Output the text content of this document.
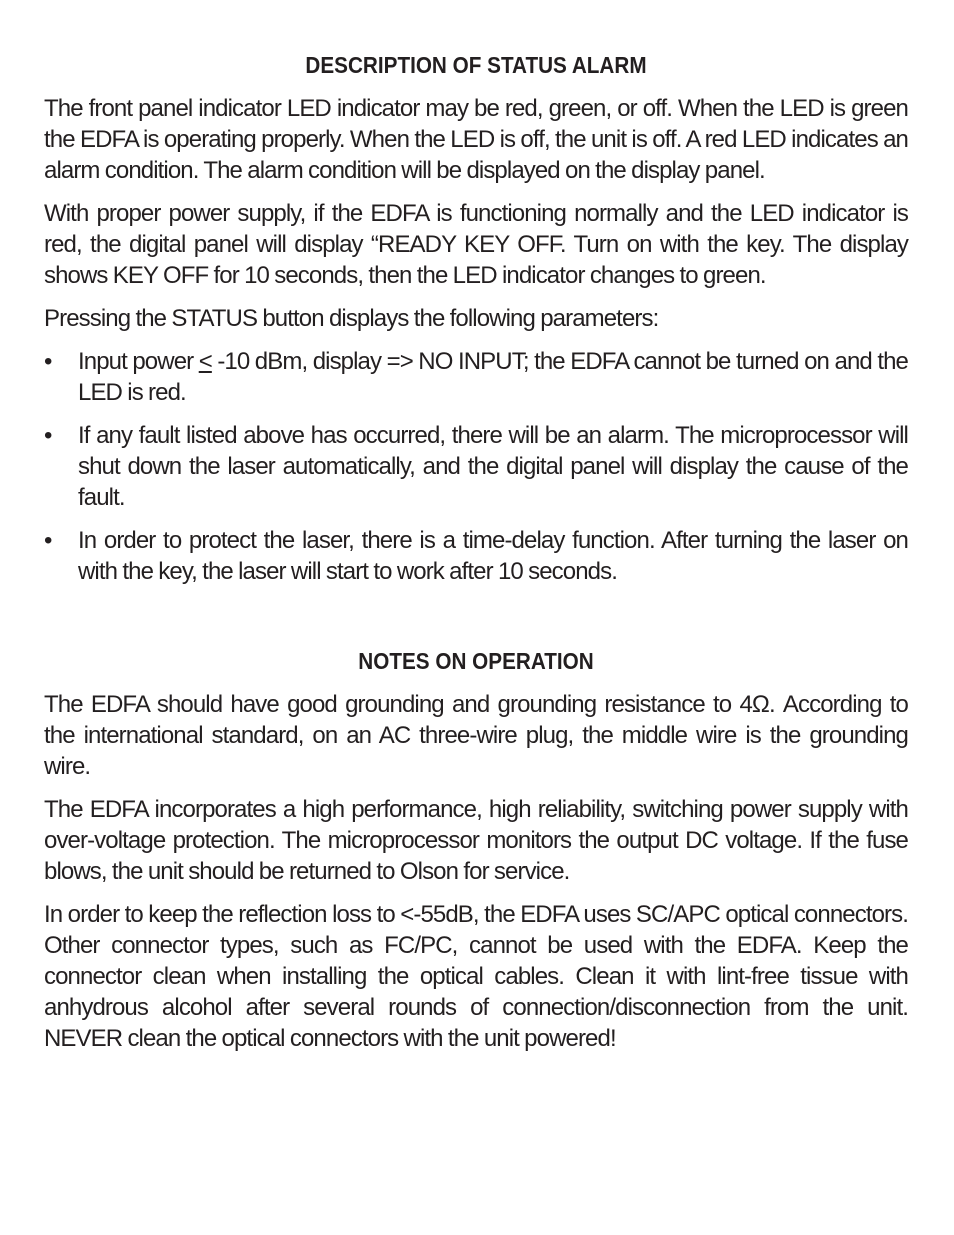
DESCRIPTION OF STATUS ALARM

The front panel indicator LED indicator may be red, green, or off. When the LED is green the EDFA is operating properly. When the LED is off, the unit is off. A red LED indicates an alarm condition. The alarm condition will be displayed on the display panel.

With proper power supply, if the EDFA is functioning normally and the LED indicator is red, the digital panel will display “READY KEY OFF. Turn on with the key. The display shows KEY OFF for 10 seconds, then the LED indicator changes to green.

Pressing the STATUS button displays the following parameters:

• Input power ≤ -10 dBm, display => NO INPUT; the EDFA cannot be turned on and the LED is red.
• If any fault listed above has occurred, there will be an alarm. The microprocessor will shut down the laser automatically, and the digital panel will display the cause of the fault.
• In order to protect the laser, there is a time-delay function. After turning the laser on with the key, the laser will start to work after 10 seconds.
NOTES ON OPERATION

The EDFA should have good grounding and grounding resistance to 4Ω. According to the international standard, on an AC three-wire plug, the middle wire is the grounding wire.

The EDFA incorporates a high performance, high reliability, switching power supply with over-voltage protection. The microprocessor monitors the output DC voltage. If the fuse blows, the unit should be returned to Olson for service.

In order to keep the reflection loss to <-55dB, the EDFA uses SC/APC optical connectors. Other connector types, such as FC/PC, cannot be used with the EDFA. Keep the connector clean when installing the optical cables. Clean it with lint-free tissue with anhydrous alcohol after several rounds of connection/disconnection from the unit. NEVER clean the optical connectors with the unit powered!
